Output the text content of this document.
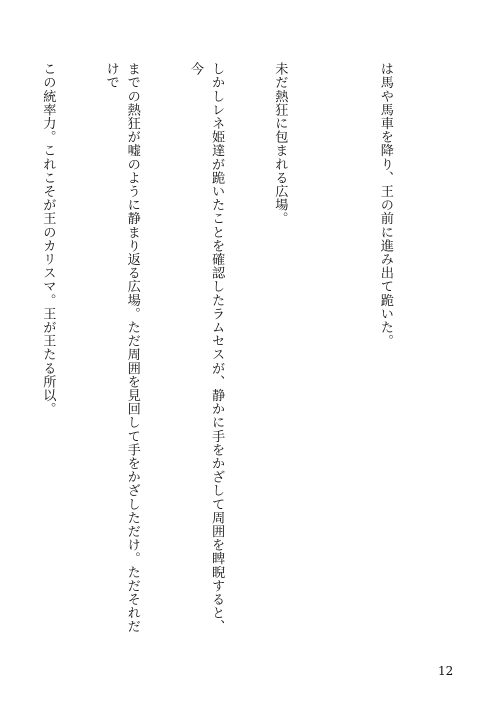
は馬や馬車を降り、王の前に進み出て跪いた。

未だ熱狂に包まれる広場。

しかしレネ姫達が跪いたことを確認したラムセスが、静かに手をかざして周囲を睥睨すると、今

までの熱狂が嘘のように静まり返る広場。ただ周囲を見回して手をかざしただけ。ただそれだけで

この統率力。これこそが王のカリスマ。王が王たる所以。

12
